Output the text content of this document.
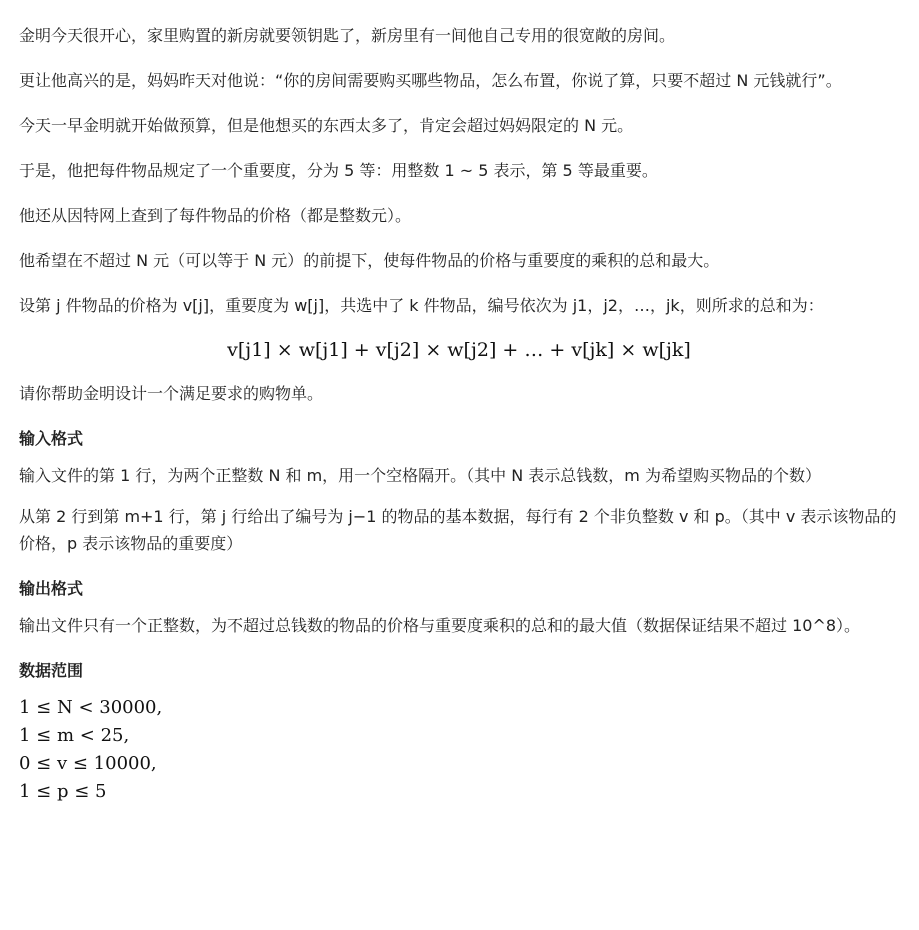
金明今天很开心，家里购置的新房就要领钥匙了，新房里有一间他自己专用的很宽敞的房间。

更让他高兴的是，妈妈昨天对他说：“你的房间需要购买哪些物品，怎么布置，你说了算，只要不超过 N 元钱就行”。

今天一早金明就开始做预算，但是他想买的东西太多了，肯定会超过妈妈限定的 N 元。

于是，他把每件物品规定了一个重要度，分为 5 等：用整数 1 ~ 5 表示，第 5 等最重要。

他还从因特网上查到了每件物品的价格（都是整数元）。

他希望在不超过 N 元（可以等于 N 元）的前提下，使每件物品的价格与重要度的乘积的总和最大。

设第 j 件物品的价格为 v[j]，重要度为 w[j]，共选中了 k 件物品，编号依次为 j1，j2，…，jk，则所求的总和为：

v[j1] × w[j1] + v[j2] × w[j2] + … + v[jk] × w[jk]

请你帮助金明设计一个满足要求的购物单。

输入格式

输入文件的第 1 行，为两个正整数 N 和 m，用一个空格隔开。（其中 N 表示总钱数，m 为希望购买物品的个数）

从第 2 行到第 m+1 行，第 j 行给出了编号为 j−1 的物品的基本数据，每行有 2 个非负整数 v 和 p。（其中 v 表示该物品的价格，p 表示该物品的重要度）

输出格式

输出文件只有一个正整数，为不超过总钱数的物品的价格与重要度乘积的总和的最大值（数据保证结果不超过 10^8）。

数据范围
1 ≤ N < 30000,
1 ≤ m < 25,
0 ≤ v ≤ 10000,
1 ≤ p ≤ 5
